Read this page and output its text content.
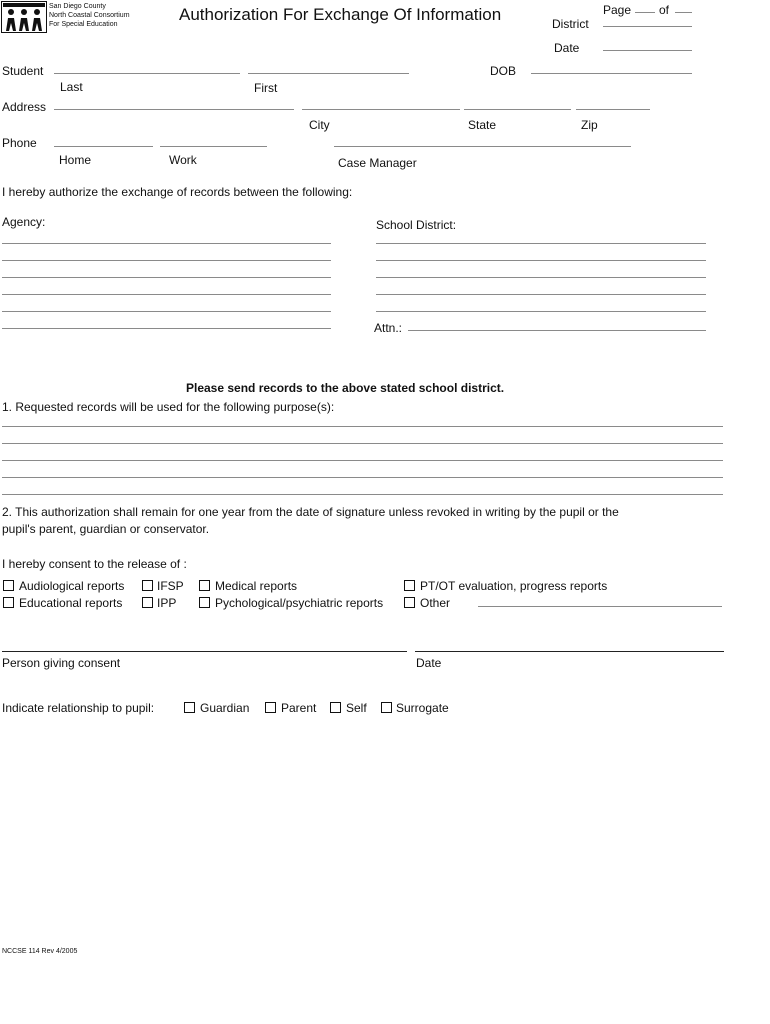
San Diego County
North Coastal Consortium
For Special Education
Authorization For Exchange Of Information	Page of
District
Date
Student	DOB
Last	First
Address
City	State	Zip
Phone
Home	Work	Case Manager
I hereby authorize the exchange of records between the following:
Agency:	School District:
Attn.:
Please send records to the above stated school district.
1. Requested records will be used for the following purpose(s):
2. This authorization shall remain for one year from the date of signature unless revoked in writing by the pupil or the
pupil's parent, guardian or conservator.
I hereby consent to the release of :
Audiological reports	IFSP	Medical reports	PT/OT evaluation, progress reports
Educational reports	IPP	Pychological/psychiatric reports	Other
Person giving consent	Date
Indicate relationship to pupil:	Guardian	Parent Self Surrogate
NCCSE 114 Rev 4/2005
